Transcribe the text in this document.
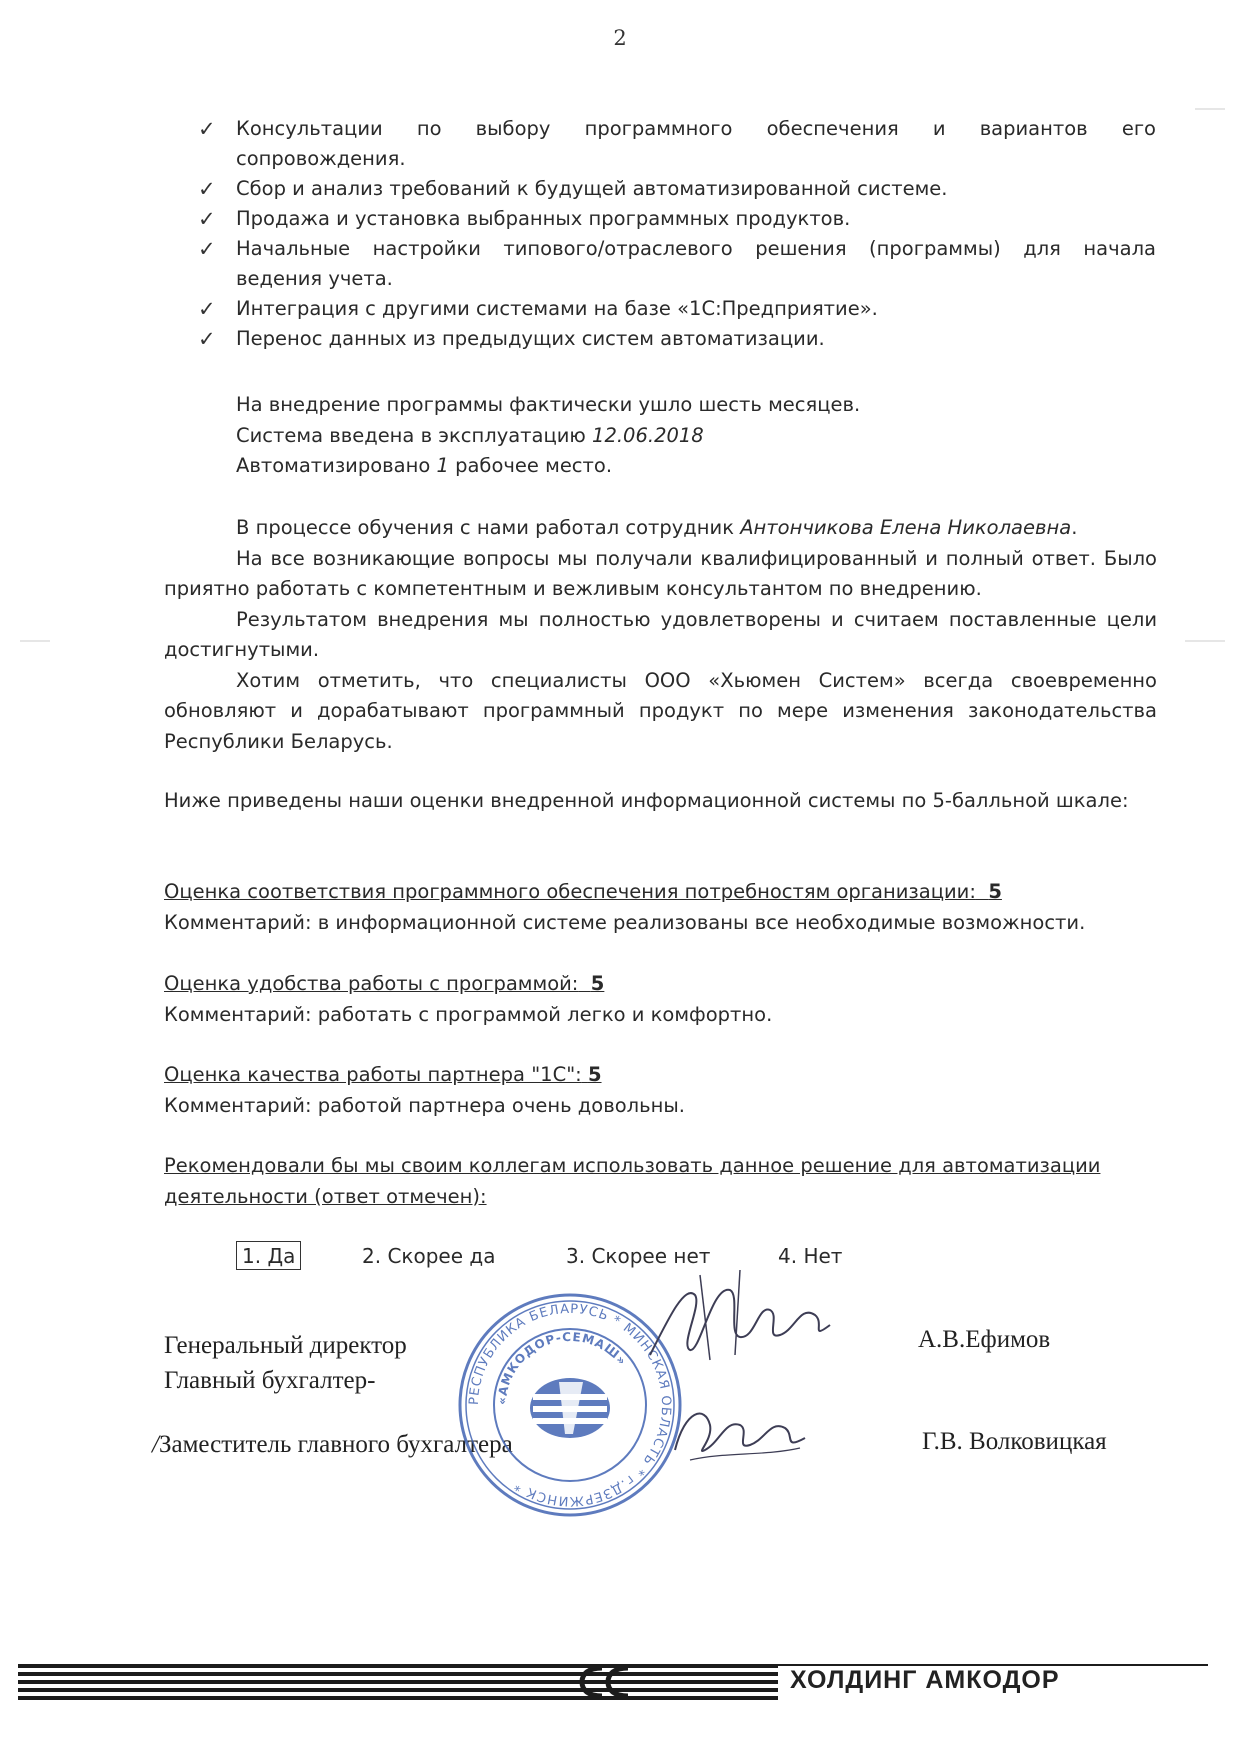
2
✓ Консультации по выбору программного обеспечения и вариантов его
сопровождения.
✓ Сбор и анализ требований к будущей автоматизированной системе.
✓ Продажа и установка выбранных программных продуктов.
✓ Начальные настройки типового/отраслевого решения (программы) для начала
ведения учета.
✓ Интеграция с другими системами на базе «1С:Предприятие».
✓ Перенос данных из предыдущих систем автоматизации.
На внедрение программы фактически ушло шесть месяцев.
Система введена в эксплуатацию 12.06.2018
Автоматизировано 1 рабочее место.

В процессе обучения с нами работал сотрудник Антончикова Елена Николаевна.

На все возникающие вопросы мы получали квалифицированный и полный ответ. Было приятно работать с компетентным и вежливым консультантом по внедрению.

Результатом внедрения мы полностью удовлетворены и считаем поставленные цели достигнутыми.

Хотим отметить, что специалисты ООО «Хьюмен Систем» всегда своевременно обновляют и дорабатывают программный продукт по мере изменения законодательства Республики Беларусь.

Ниже приведены наши оценки внедренной информационной системы по 5-балльной шкале:

Оценка соответствия программного обеспечения потребностям организации: 5
Комментарий: в информационной системе реализованы все необходимые возможности.
Оценка удобства работы с программой: 5
Комментарий: работать с программой легко и комфортно.
Оценка качества работы партнера "1С": 5
Комментарий: работой партнера очень довольны.
Рекомендовали бы мы своим коллегам использовать данное решение для автоматизации деятельности (ответ отмечен):
1. Да	2. Скорее да	3. Скорее нет	4. Нет
Генеральный директор
Главный бухгалтер-
/Заместитель главного бухгалтера
А.В.Ефимов
Г.В. Волковицкая
РЕСПУБЛИКА БЕЛАРУСЬ * МИНСКАЯ ОБЛАСТЬ * г.ДЗЕРЖИНСК *
«АМКОДОР-СЕМАШ»
ХОЛДИНГ АМКОДОР
